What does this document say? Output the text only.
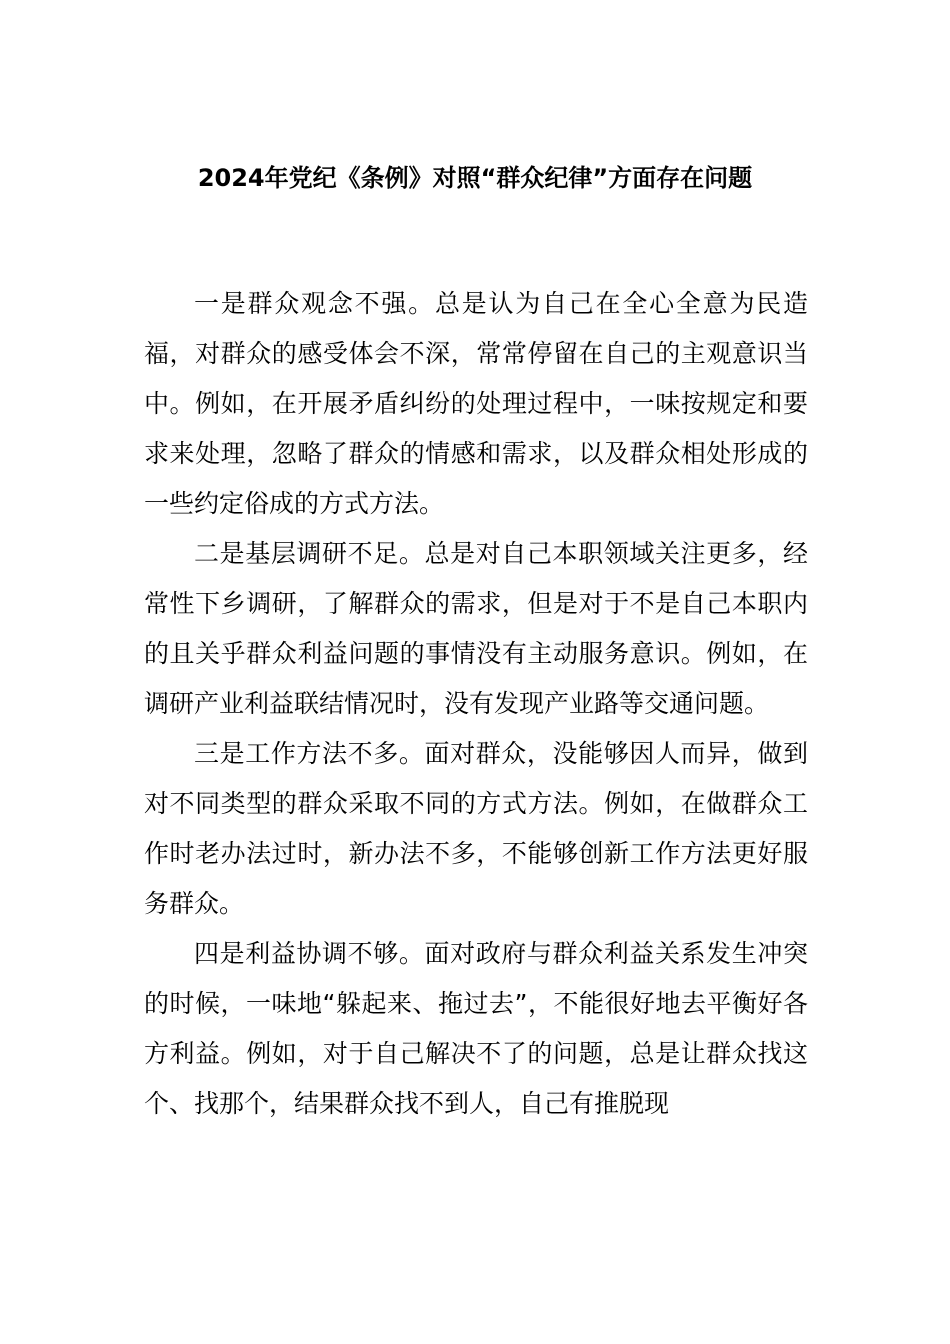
2024年党纪《条例》对照“群众纪律”方面存在问题

一是群众观念不强。总是认为自己在全心全意为民造福，对群众的感受体会不深，常常停留在自己的主观意识当中。例如，在开展矛盾纠纷的处理过程中，一味按规定和要求来处理，忽略了群众的情感和需求，以及群众相处形成的一些约定俗成的方式方法。

二是基层调研不足。总是对自己本职领域关注更多，经常性下乡调研，了解群众的需求，但是对于不是自己本职内的且关乎群众利益问题的事情没有主动服务意识。例如，在调研产业利益联结情况时，没有发现产业路等交通问题。

三是工作方法不多。面对群众，没能够因人而异，做到对不同类型的群众采取不同的方式方法。例如，在做群众工作时老办法过时，新办法不多，不能够创新工作方法更好服务群众。

四是利益协调不够。面对政府与群众利益关系发生冲突的时候，一味地“躲起来、拖过去”，不能很好地去平衡好各方利益。例如，对于自己解决不了的问题，总是让群众找这个、找那个，结果群众找不到人，自己有推脱现
